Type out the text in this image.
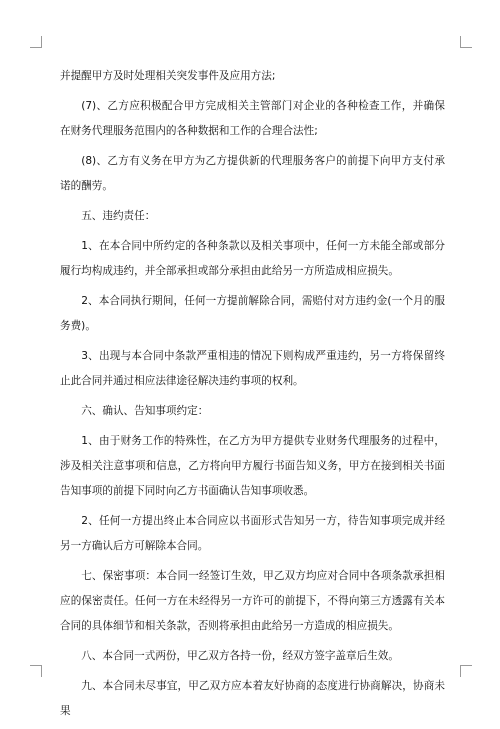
并提醒甲方及时处理相关突发事件及应用方法;

(7)、乙方应积极配合甲方完成相关主管部门对企业的各种检查工作，并确保在财务代理服务范围内的各种数据和工作的合理合法性;

(8)、乙方有义务在甲方为乙方提供新的代理服务客户的前提下向甲方支付承诺的酬劳。

五、违约责任：

1、在本合同中所约定的各种条款以及相关事项中，任何一方未能全部或部分履行均构成违约，并全部承担或部分承担由此给另一方所造成相应损失。

2、本合同执行期间，任何一方提前解除合同，需赔付对方违约金(一个月的服务费)。

3、出现与本合同中条款严重相违的情况下则构成严重违约，另一方将保留终止此合同并通过相应法律途径解决违约事项的权利。

六、确认、告知事项约定：

1、由于财务工作的特殊性，在乙方为甲方提供专业财务代理服务的过程中，涉及相关注意事项和信息，乙方将向甲方履行书面告知义务，甲方在接到相关书面告知事项的前提下同时向乙方书面确认告知事项收悉。

2、任何一方提出终止本合同应以书面形式告知另一方，待告知事项完成并经另一方确认后方可解除本合同。

七、保密事项：本合同一经签订生效，甲乙双方均应对合同中各项条款承担相应的保密责任。任何一方在未经得另一方许可的前提下，不得向第三方透露有关本合同的具体细节和相关条款，否则将承担由此给另一方造成的相应损失。

八、本合同一式两份，甲乙双方各持一份，经双方签字盖章后生效。

九、本合同未尽事宜，甲乙双方应本着友好协商的态度进行协商解决，协商未果
